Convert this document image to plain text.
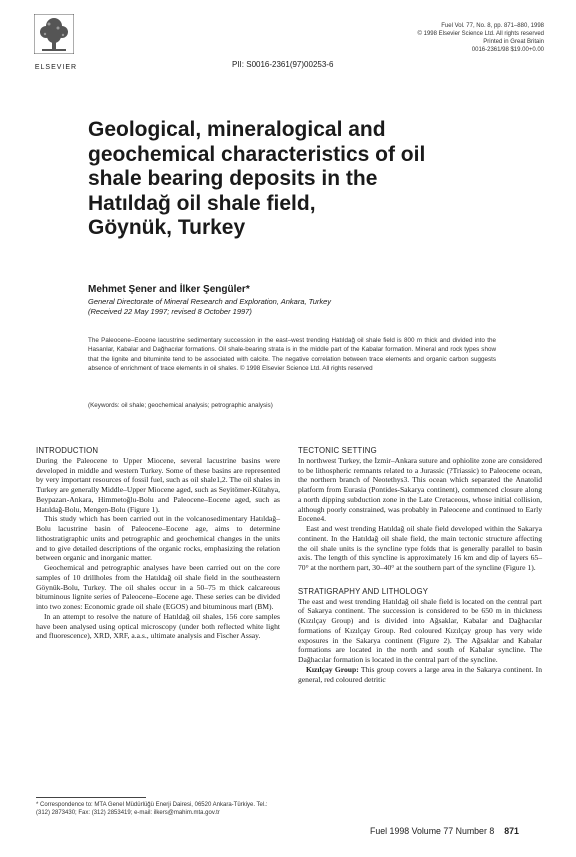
ELSEVIER	PII: S0016-2361(97)00253-6
Fuel Vol. 77, No. 8, pp. 871–880, 1998
© 1998 Elsevier Science Ltd. All rights reserved
Printed in Great Britain
0016-2361/98 $19.00+0.00
Geological, mineralogical and
geochemical characteristics of oil
shale bearing deposits in the
Hatıldağ oil shale field,
Göynük, Turkey
Mehmet Şener and İlker Şengüler*
General Directorate of Mineral Research and Exploration, Ankara, Turkey
(Received 22 May 1997; revised 8 October 1997)
The Paleocene–Eocene lacustrine sedimentary succession in the east–west trending Hatıldağ oil shale field is 800 m thick and divided into the Hasanlar, Kabalar and Dağhacılar formations. Oil shale-bearing strata is in the middle part of the Kabalar formation. Mineral and rock types show that the lignite and bituminite tend to be associated with calcite. The negative correlation between trace elements and organic carbon suggests absence of enrichment of trace elements in oil shales. © 1998 Elsevier Science Ltd. All rights reserved
(Keywords: oil shale; geochemical analysis; petrographic analysis)

INTRODUCTION

During the Paleocene to Upper Miocene, several lacustrine basins were developed in middle and western Turkey. Some of these basins are represented by very important resources of fossil fuel, such as oil shale1,2. The oil shales in Turkey are generally Middle–Upper Miocene aged, such as Seyitömer-Kütahya, Beypazarı-Ankara, Himmetoğlu-Bolu and Paleocene–Eocene aged, such as Hatıldağ-Bolu, Mengen-Bolu (Figure 1).

This study which has been carried out in the volcanosedimentary Hatıldağ–Bolu lacustrine basin of Paleocene–Eocene age, aims to determine lithostratigraphic units and petrographic and geochemical changes in the units and to give detailed descriptions of the organic rocks, emphasizing the relation between organic and inorganic matter.

Geochemical and petrographic analyses have been carried out on the core samples of 10 drillholes from the Hatıldağ oil shale field in the southeastern Göynük-Bolu, Turkey. The oil shales occur in a 50–75 m thick calcareous bituminous lignite series of Paleocene–Eocene age. These series can be divided into two zones: Economic grade oil shale (EGOS) and bituminous marl (BM).

In an attempt to resolve the nature of Hatıldağ oil shales, 156 core samples have been analysed using optical microscopy (under both reflected white light and fluorescence), XRD, XRF, a.a.s., ultimate analysis and Fischer Assay.

* Correspondence to: MTA Genel Müdürlüğü Enerji Dairesi, 06520 Ankara-Türkiye. Tel.: (312) 2873430; Fax: (312) 2853419; e-mail: ilkers@mahim.mta.gov.tr

TECTONIC SETTING

In northwest Turkey, the İzmir–Ankara suture and ophiolite zone are considered to be lithospheric remnants related to a Jurassic (?Triassic) to Paleocene ocean, the northern branch of Neotethys3. This ocean which separated the Anatolid platform from Eurasia (Pontides-Sakarya continent), commenced closure along a north dipping subduction zone in the Late Cretaceous, whose initial collision, although poorly constrained, was probably in Paleocene and continued to Early Eocene4.

East and west trending Hatıldağ oil shale field developed within the Sakarya continent. In the Hatıldağ oil shale field, the main tectonic structure affecting the oil shale units is the syncline type folds that is generally parallel to basin axis. The length of this syncline is approximately 16 km and dip of layers 65–70° at the northern part, 30–40° at the southern part of the syncline (Figure 1).

STRATIGRAPHY AND LITHOLOGY

The east and west trending Hatıldağ oil shale field is located on the central part of Sakarya continent. The succession is considered to be 650 m in thickness (Kızılçay Group) and is divided into Ağsaklar, Kabalar and Dağhacılar formations of Kızılçay Group. Red coloured Kızılçay group has very wide exposures in the Sakarya continent (Figure 2). The Ağsaklar and Kabalar formations are located in the north and south of Kabalar syncline. The Dağhacılar formation is located in the central part of the syncline.

Kızılçay Group: This group covers a large area in the Sakarya continent. In general, red coloured detritic

Fuel 1998 Volume 77 Number 8 871
